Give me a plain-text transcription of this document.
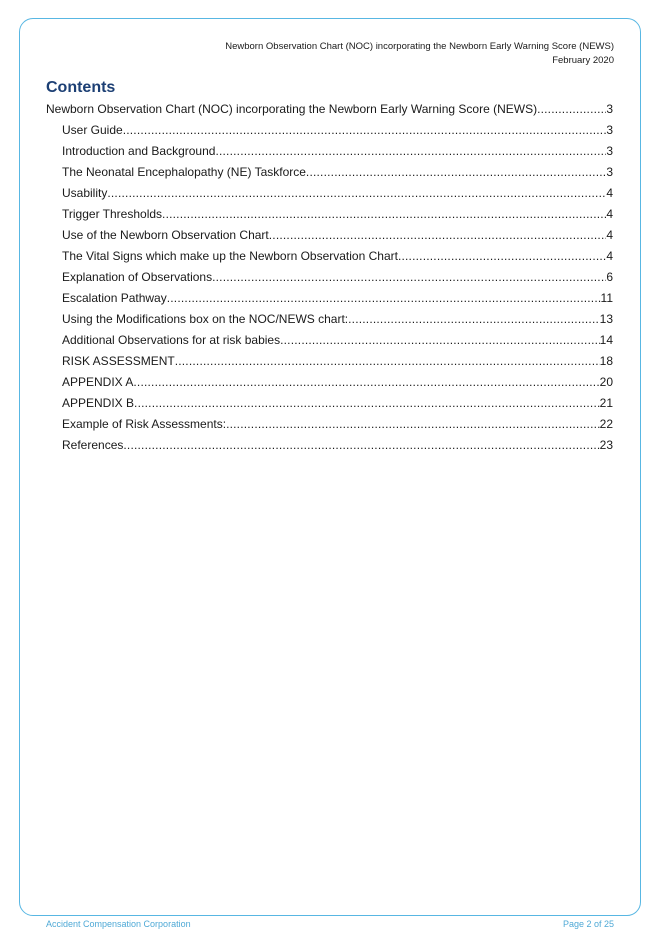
Newborn Observation Chart (NOC) incorporating the Newborn Early Warning Score (NEWS)
February 2020
Contents
Newborn Observation Chart (NOC) incorporating the Newborn Early Warning Score (NEWS) .....	3
User Guide .....	3
Introduction and Background .....	3
The Neonatal Encephalopathy (NE) Taskforce .....	3
Usability .....	4
Trigger Thresholds .....	4
Use of the Newborn Observation Chart .....	4
The Vital Signs which make up the Newborn Observation Chart .....	4
Explanation of Observations .....	6
Escalation Pathway .....	11
Using the Modifications box on the NOC/NEWS chart: .....	13
Additional Observations for at risk babies .....	14
RISK ASSESSMENT .....	18
APPENDIX A .....	20
APPENDIX B .....	21
Example of Risk Assessments: .....	22
References .....	23
Accident Compensation Corporation	Page 2 of 25
